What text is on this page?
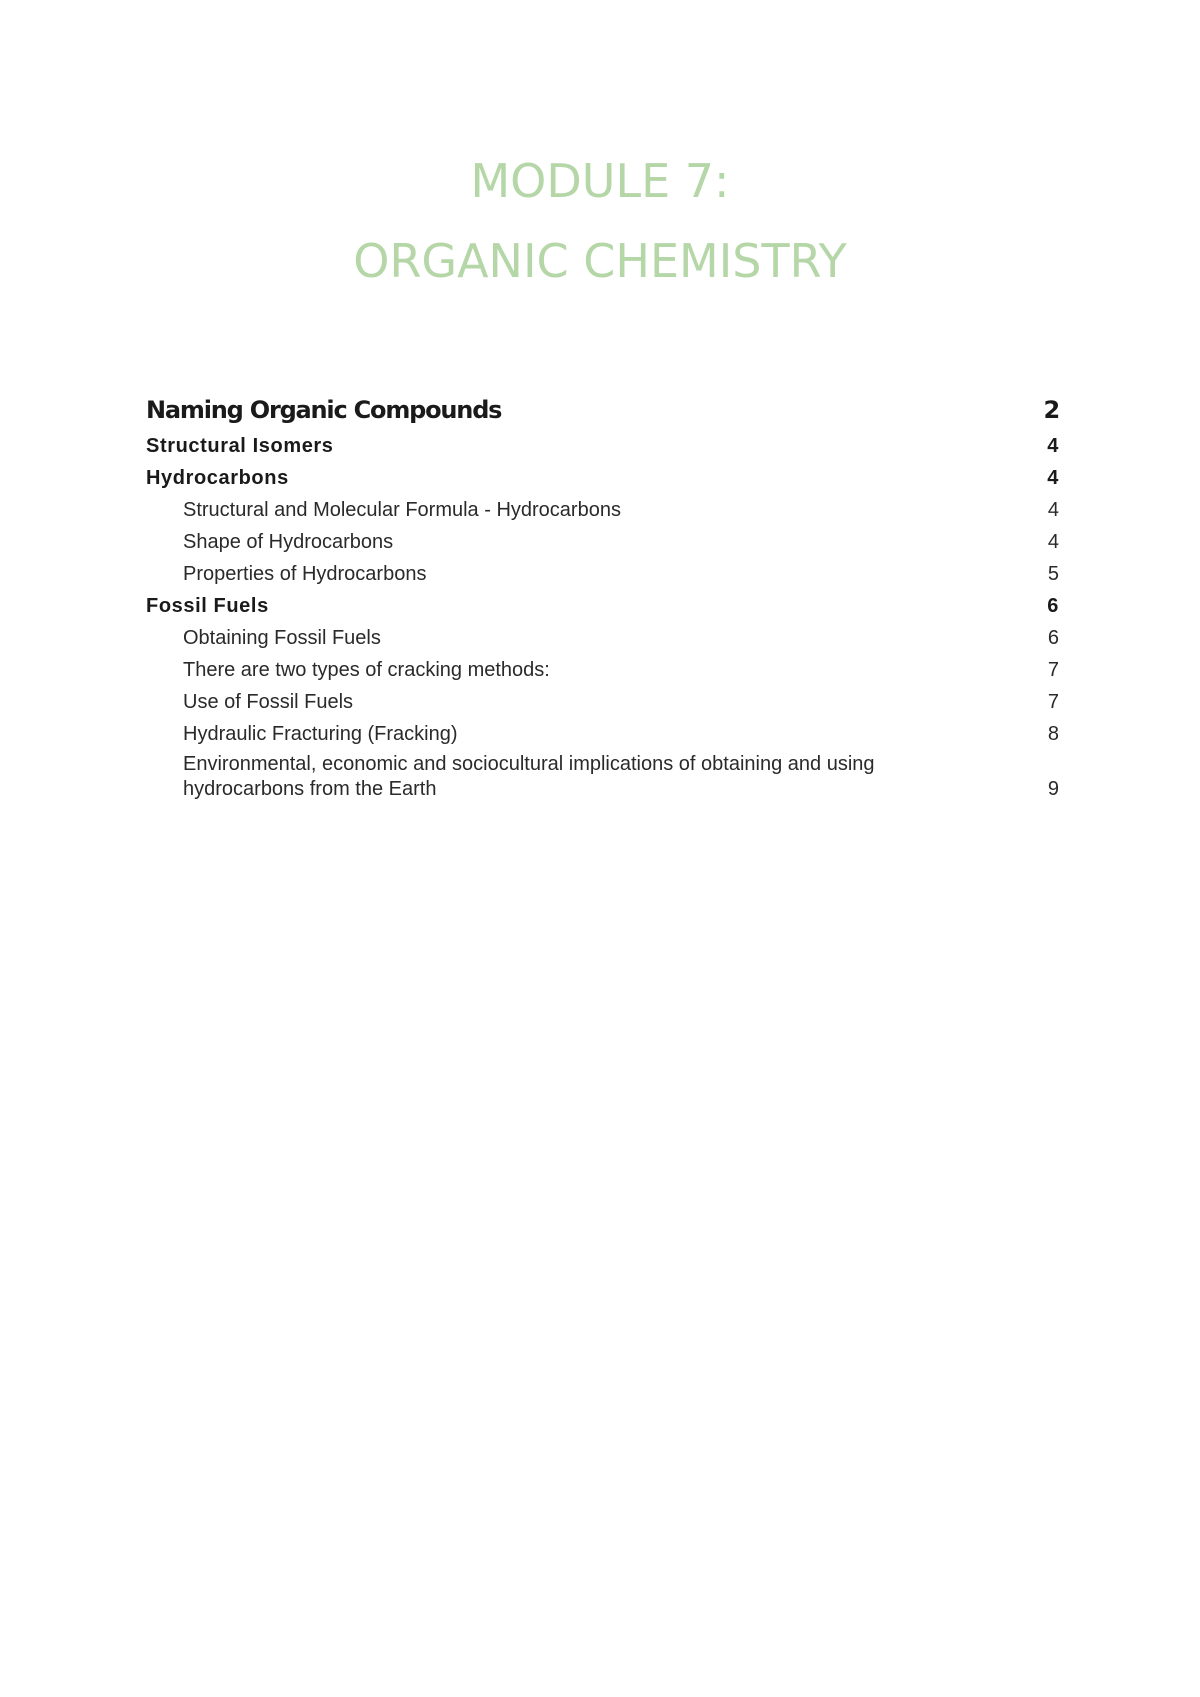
MODULE 7:
ORGANIC CHEMISTRY
Naming Organic Compounds	2
Structural Isomers	4
Hydrocarbons	4
Structural and Molecular Formula - Hydrocarbons	4
Shape of Hydrocarbons	4
Properties of Hydrocarbons	5
Fossil Fuels	6
Obtaining Fossil Fuels	6
There are two types of cracking methods:	7
Use of Fossil Fuels	7
Hydraulic Fracturing (Fracking)	8
Environmental, economic and sociocultural implications of obtaining and using hydrocarbons from the Earth	9
